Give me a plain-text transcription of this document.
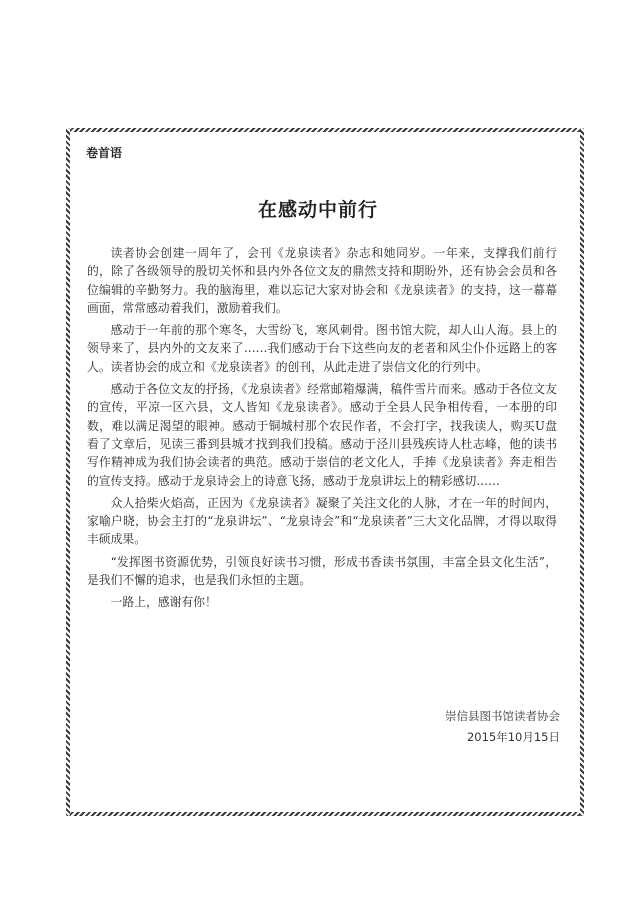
卷首语
在感动中前行

读者协会创建一周年了，会刊《龙泉读者》杂志和她同岁。一年来，支撑我们前行的，除了各级领导的殷切关怀和县内外各位文友的鼎然支持和期盼外，还有协会会员和各位编辑的辛勤努力。我的脑海里，难以忘记大家对协会和《龙泉读者》的支持，这一幕幕画面，常常感动着我们，激励着我们。

感动于一年前的那个寒冬，大雪纷飞，寒风刺骨。图书馆大院，却人山人海。县上的领导来了，县内外的文友来了……我们感动于台下这些向友的老者和风尘仆仆远路上的客人。读者协会的成立和《龙泉读者》的创刊，从此走进了崇信文化的行列中。

感动于各位文友的抒扬，《龙泉读者》经常邮箱爆满，稿件雪片而来。感动于各位文友的宣传，平凉一区六县，文人皆知《龙泉读者》。感动于全县人民争相传看，一本册的印数，难以满足渴望的眼神。感动于铜城村那个农民作者，不会打字，找我读人，购买U盘看了文章后，见读三番到县城才找到我们投稿。感动于泾川县残疾诗人杜志峰，他的读书写作精神成为我们协会读者的典范。感动于崇信的老文化人，手捧《龙泉读者》奔走相告的宣传支持。感动于龙泉诗会上的诗意飞扬，感动于龙泉讲坛上的精彩感切……

众人拾柴火焰高，正因为《龙泉读者》凝聚了关注文化的人脉，才在一年的时间内，家喻户晓，协会主打的“龙泉讲坛”、“龙泉诗会”和“龙泉读者”三大文化品牌，才得以取得丰硕成果。

“发挥图书资源优势，引领良好读书习惯，形成书香读书氛围，丰富全县文化生活”，是我们不懈的追求，也是我们永恒的主题。

一路上，感谢有你！

崇信县图书馆读者协会
2015年10月15日
